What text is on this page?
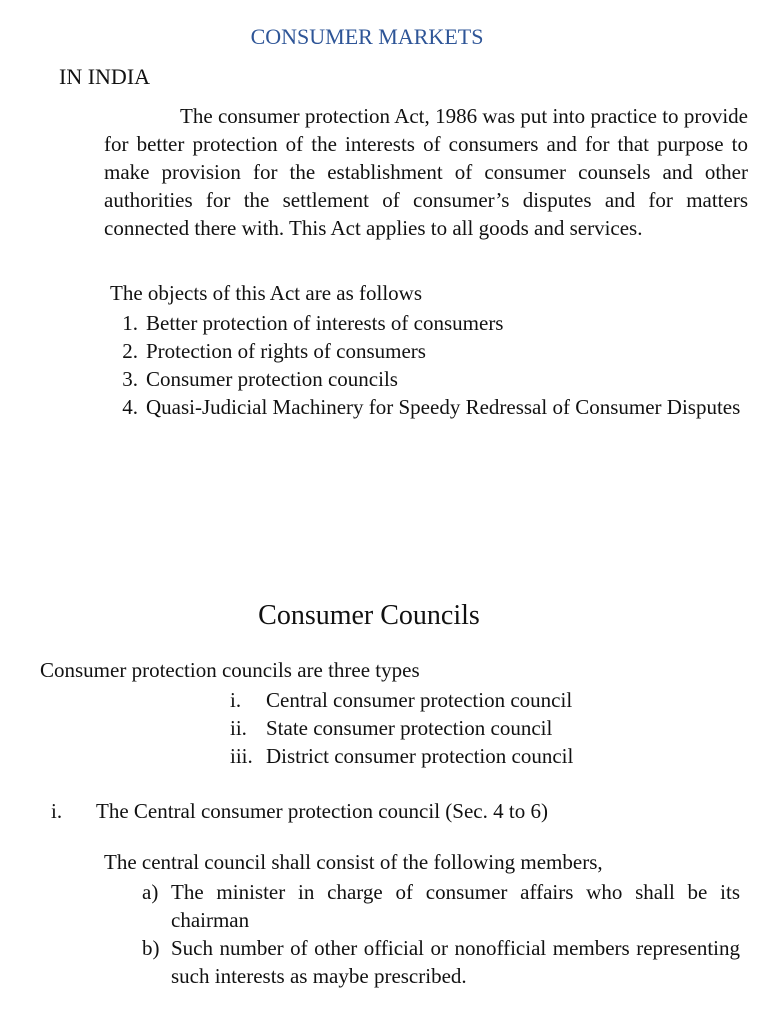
CONSUMER MARKETS
IN INDIA
The consumer protection Act, 1986 was put into practice to provide for better protection of the interests of consumers and for that purpose to make provision for the establishment of consumer counsels and other authorities for the settlement of consumer’s disputes and for matters connected there with. This Act applies to all goods and services.
The objects of this Act are as follows
1. Better protection of interests of consumers
2. Protection of rights of consumers
3. Consumer protection councils
4. Quasi-Judicial Machinery for Speedy Redressal of Consumer Disputes
Consumer Councils
Consumer protection councils are three types
i.	Central consumer protection council
ii. State consumer protection council
iii. District consumer protection council
i.	The Central consumer protection council (Sec. 4 to 6)
The central council shall consist of the following members,
a) The minister in charge of consumer affairs who shall be its chairman
b) Such number of other official or nonofficial members representing such interests as maybe prescribed.
